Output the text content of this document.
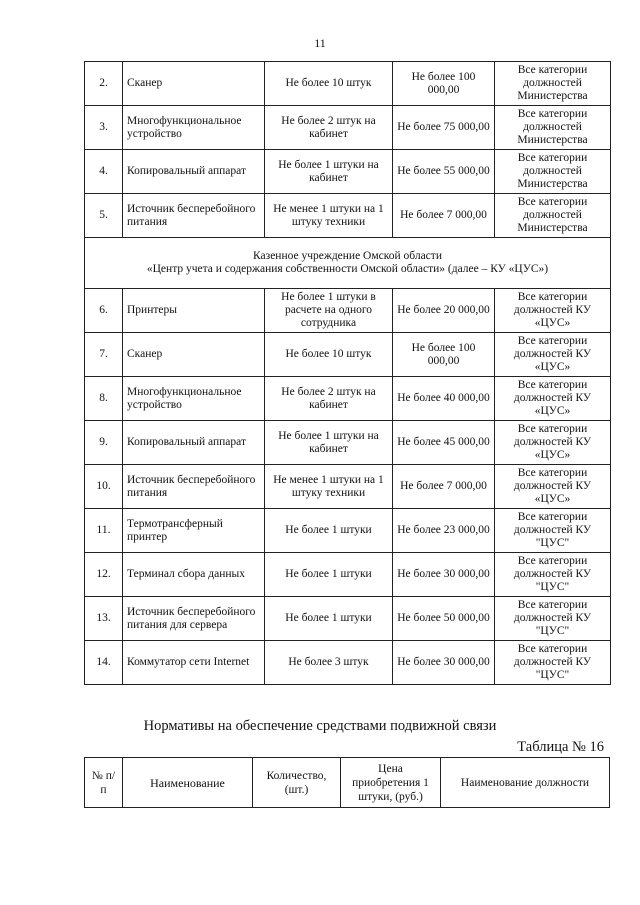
11
2.	Сканер	Не более 10 штук	Не более 100 000,00	Все категории должностей Министерства
3.	Многофункциональное устройство	Не более 2 штук на кабинет	Не более 75 000,00	Все категории должностей Министерства
4.	Копировальный аппарат	Не более 1 штуки на кабинет	Не более 55 000,00	Все категории должностей Министерства
5.	Источник бесперебойного питания	Не менее 1 штуки на 1 штуку техники	Не более 7 000,00	Все категории должностей Министерства

Казенное учреждение Омской области
«Центр учета и содержания собственности Омской области» (далее – КУ «ЦУС»)				

6.	Принтеры	Не более 1 штуки в расчете на одного сотрудника	Не более 20 000,00	Все категории должностей КУ «ЦУС»
7.	Сканер	Не более 10 штук	Не более 100 000,00	Все категории должностей КУ «ЦУС»
8.	Многофункциональное устройство	Не более 2 штук на кабинет	Не более 40 000,00	Все категории должностей КУ «ЦУС»
9.	Копировальный аппарат	Не более 1 штуки на кабинет	Не более 45 000,00	Все категории должностей КУ «ЦУС»
10.	Источник бесперебойного питания	Не менее 1 штуки на 1 штуку техники	Не более 7 000,00	Все категории должностей КУ «ЦУС»
11.	Термотрансферный принтер	Не более 1 штуки	Не более 23 000,00	Все категории должностей КУ "ЦУС"
12.	Терминал сбора данных	Не более 1 штуки	Не более 30 000,00	Все категории должностей КУ "ЦУС"
13.	Источник бесперебойного питания для сервера	Не более 1 штуки	Не более 50 000,00	Все категории должностей КУ "ЦУС"
14.	Коммутатор сети Internet	Не более 3 штук	Не более 30 000,00	Все категории должностей КУ "ЦУС"
Нормативы на обеспечение средствами подвижной связи
Таблица № 16
№ п/п	Наименование	Количество, (шт.)	Цена приобретения 1 штуки, (руб.)	Наименование должности
